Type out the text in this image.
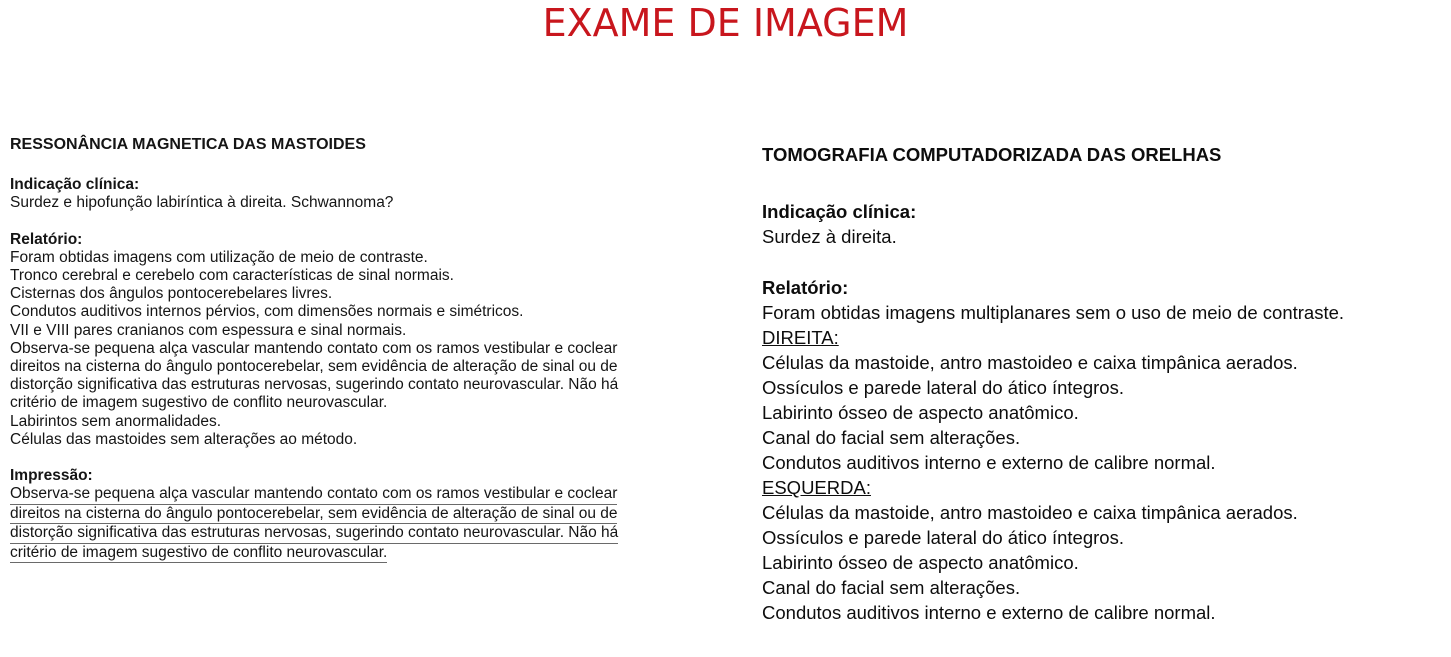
EXAME DE IMAGEM

RESSONÂNCIA MAGNETICA DAS MASTOIDES

Indicação clínica:

Surdez e hipofunção labiríntica à direita. Schwannoma?

Relatório:

Foram obtidas imagens com utilização de meio de contraste.

Tronco cerebral e cerebelo com características de sinal normais.

Cisternas dos ângulos pontocerebelares livres.

Condutos auditivos internos pérvios, com dimensões normais e simétricos.

VII e VIII pares cranianos com espessura e sinal normais.

Observa-se pequena alça vascular mantendo contato com os ramos vestibular e coclear

direitos na cisterna do ângulo pontocerebelar, sem evidência de alteração de sinal ou de

distorção significativa das estruturas nervosas, sugerindo contato neurovascular. Não há

critério de imagem sugestivo de conflito neurovascular.

Labirintos sem anormalidades.

Células das mastoides sem alterações ao método.

Impressão:

Observa-se pequena alça vascular mantendo contato com os ramos vestibular e coclear

direitos na cisterna do ângulo pontocerebelar, sem evidência de alteração de sinal ou de

distorção significativa das estruturas nervosas, sugerindo contato neurovascular. Não há

critério de imagem sugestivo de conflito neurovascular.

TOMOGRAFIA COMPUTADORIZADA DAS ORELHAS

Indicação clínica:

Surdez à direita.

Relatório:

Foram obtidas imagens multiplanares sem o uso de meio de contraste.

DIREITA:

Células da mastoide, antro mastoideo e caixa timpânica aerados.

Ossículos e parede lateral do ático íntegros.

Labirinto ósseo de aspecto anatômico.

Canal do facial sem alterações.

Condutos auditivos interno e externo de calibre normal.

ESQUERDA:

Células da mastoide, antro mastoideo e caixa timpânica aerados.

Ossículos e parede lateral do ático íntegros.

Labirinto ósseo de aspecto anatômico.

Canal do facial sem alterações.

Condutos auditivos interno e externo de calibre normal.
